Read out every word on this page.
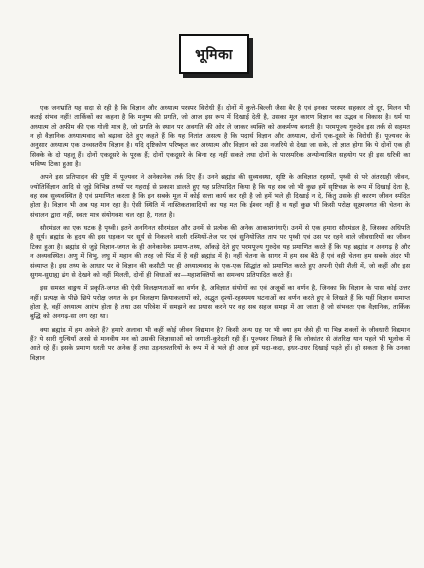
भूमिका

एक जनभ्रांति यह सदा से रही है कि विज्ञान और अध्यात्म परस्पर विरोधी हैं। दोनों में कुत्ते-बिल्ली जैसा बैर है एवं इनका परस्पर सहकार तो दूर, मिलन भी कतई संभव नहीं! तार्किकों का कहना है कि मनुष्य की प्रगति, जो आज इस रूप में दिखाई देती है, उसका मूल कारण विज्ञान का उद्भव व विकास है। धर्म या अध्यात्म तो अफीम की एक गोली मात्र है, जो प्रगति के स्थान पर अवगति की ओर ले जाकर व्यक्ति को अकर्मण्य बनाती है। परमपूज्य गुरुदेव इस तर्क से सहमत न हो वैज्ञानिक अध्यात्मवाद को बढ़ावा देते हुए कहते हैं कि यह नितांत असत्य है कि पदार्थ विज्ञान और अध्यात्म, दोनों एक-दूसरे के विरोधी हैं। पूज्यवर के अनुसार अध्यात्म एक उच्चस्तरीय विज्ञान है। यदि दृष्टिकोण परिष्कृत कर अध्यात्म और विज्ञान को उस नजरिये से देखा जा सके, तो ज्ञात होगा कि ये दोनों एक ही सिक्के के दो पहलू हैं। दोनों एकदूसरे के पूरक हैं; दोनों एकदूसरे के बिना रह नहीं सकते तथा दोनों के पारस्परिक अन्योन्याश्रित सहयोग पर ही इस धरित्री का भविष्य टिका हुआ है।

अपने इस प्रतिपादन की पुष्टि में पूज्यवर ने अनेकानेक तर्क दिए हैं। उनने ब्रह्मांड की सुव्यवस्था, सृष्टि के अविज्ञात रहस्यों, पृथ्वी से परे अंतरग्रही जीवन, ज्योतिर्विज्ञान आदि से जुड़े विभिन्न तथ्यों पर गहराई से प्रकाश डालते हुए यह प्रतिपादित किया है कि यह सब जो भी कुछ हमें सृष्टिचक्र के रूप में दिखाई देता है, वह सब सुव्यवस्थित है एवं प्रमाणित करता है कि इन सबके मूल में कोई सत्ता कार्य कर रही है जो हमें भले ही दिखाई न दे, किंतु उसके ही कारण जीवन स्पंदित होता है। विज्ञान भी अब यह मान रहा है। ऐसी स्थिति में नास्तिकतावादियों का यह मत कि ईश्वर नहीं है व यहाँ कुछ भी किसी परोक्ष सूक्ष्मजगत की चेतना के संचालन द्वारा नहीं, स्वतः मात्र संयोगवश चल रहा है, गलत है।

सौरमंडल का एक घटक है पृथ्वी। इतने अनगिनत सौरमंडल और उनमें से प्रत्येक की अनेक आकाशगंगाएँ। उनमें से एक हमारा सौरमंडल है, जिसका अधिपति है सूर्य। ब्रह्मांड के हृदय की इस धड़कन पर सूर्य से निकलने वाली रश्मियों-तेज पर एवं सुनियोजित ताप पर पृथ्वी एवं उस पर रहने वाले जीवधारियों का जीवन टिका हुआ है। ब्रह्मांड से जुड़े विज्ञान-जगत के ही अनेकानेक प्रमाण-तथ्य, आँकड़े देते हुए परमपूज्य गुरुदेव यह प्रमाणित करते हैं कि यह ब्रह्मांड न अनगढ़ है और न अव्यवस्थित। अणु में विभु, लघु में महान की तरह जो पिंड में है वही ब्रह्मांड में है। नहीं चेतना के सागर में हम सब बैठे हैं एवं वही चेतना हम सबके अंदर भी संव्याप्त है। इस तथ्य के आधार पर वे विज्ञान की कसौटी पर ही अध्यात्मवाद के एक-एक सिद्धांत को प्रमाणित करते हुए अपनी ऐसी शैली में, जो कहीं और इस सुगम-सुग्राह्य ढंग से देखने को नहीं मिलती, दोनों ही विधाओं का—महाशक्तियों का समन्वय प्रतिपादित करते हैं।

इस समस्त वाङ्मय में प्रकृति-जगत की ऐसी विलक्षणताओं का वर्णन है, अविज्ञात संयोगों का एवं अजूबों का वर्णन है, जिनका कि विज्ञान के पास कोई उत्तर नहीं। प्रत्यक्ष के पीछे छिपे परोक्ष जगत के इन विलक्षण क्रियाकलापों को, अद्भुत दृश्यों-रहस्यमय घटनाओं का वर्णन करते हुए वे लिखते हैं कि यहीं विज्ञान समाप्त होता है, वहीं अध्यात्म आरंभ होता है तथा उस परिवेश में समझने का प्रयास करने पर वह सब सहज समझ में आ जाता है जो संभवतः एक वैज्ञानिक, तार्किक बुद्धि को अनगढ़-सा लग रहा था।

क्या ब्रह्मांड में हम अकेले हैं? हमारे अलावा भी कहीं कोई जीवन विद्यमान है? किसी अन्य ग्रह पर भी क्या हम जैसे ही या भिन्न शक्लों के जीवधारी विद्यमान हैं? ये सारी गुत्थियाँ अरसे से मानवीय मन को उसकी जिज्ञासाओं को जगाती-कुरेदती रही हैं। पूज्यवर लिखते हैं कि लोकांतर से अंतरिक्ष यान पहले भी भूलोक में आते रहे हैं। इसके प्रमाण धरती पर अनेक हैं तथा उड़नतश्तरियों के रूप में वे भले ही आज हमें यदा-कदा, इधर-उधर दिखाई पड़ते हों। हो सकता है कि उनका विज्ञान
